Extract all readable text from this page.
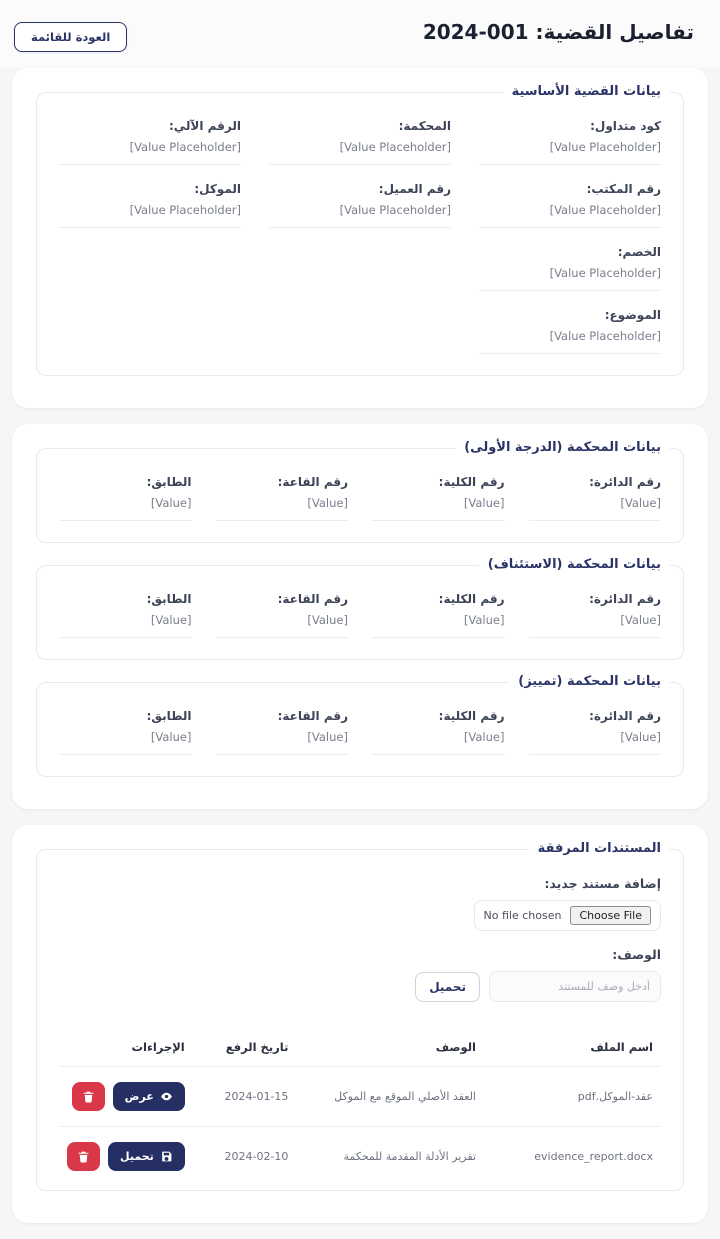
تفاصيل القضية: 001-2024
العودة للقائمة
بيانات القضية الأساسية
كود متداول:
[Value Placeholder]
المحكمة:
[Value Placeholder]
الرقم الآلي:
[Value Placeholder]
رقم المكتب:
[Value Placeholder]
رقم العميل:
[Value Placeholder]
الموكل:
[Value Placeholder]
الخصم:
[Value Placeholder]
الموضوع:
[Value Placeholder]
بيانات المحكمة (الدرجة الأولى)
رقم الدائرة:
[Value]
رقم الكلية:
[Value]
رقم القاعة:
[Value]
الطابق:
[Value]
بيانات المحكمة (الاستئناف)
رقم الدائرة:
[Value]
رقم الكلية:
[Value]
رقم القاعة:
[Value]
الطابق:
[Value]
بيانات المحكمة (تمييز)
رقم الدائرة:
[Value]
رقم الكلية:
[Value]
رقم القاعة:
[Value]
الطابق:
[Value]
المستندات المرفقة
إضافة مستند جديد:
Choose File
No file chosen
الوصف:
أدخل وصف للمستند
تحميل
اسم الملف	الوصف	تاريخ الرفع	الإجراءات
عقد-الموكل.pdf	العقد الأصلي الموقع مع الموكل	2024-01-15	عرض

evidence_report.docx	تقرير الأدلة المقدمة للمحكمة	2024-02-10	تحميل
